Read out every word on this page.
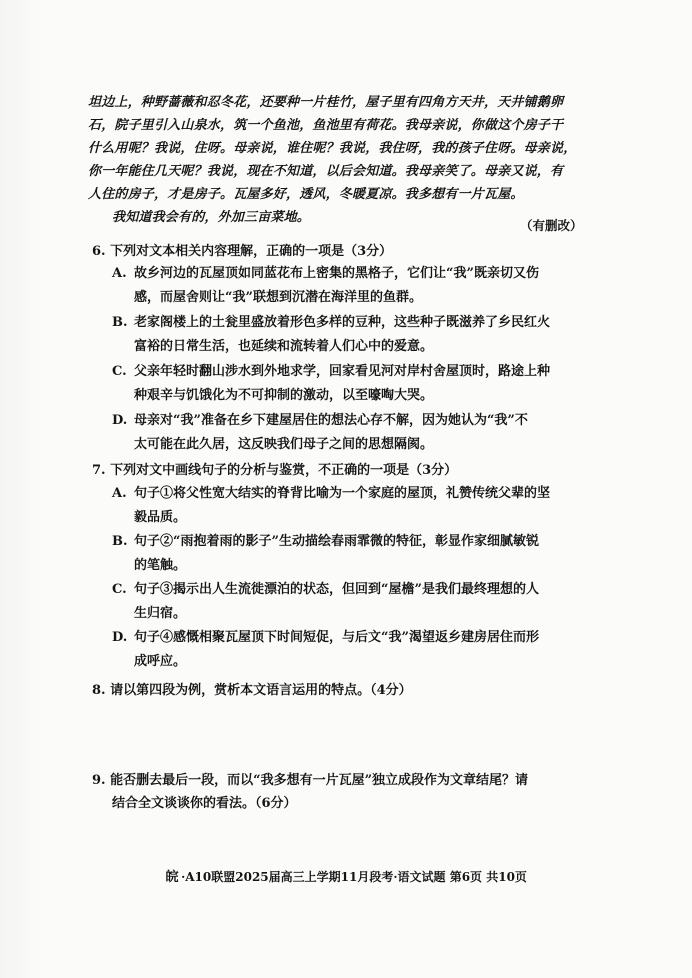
坦边上，种野蔷薇和忍冬花，还要种一片桂竹，屋子里有四角方天井，天井铺鹅卵
石，院子里引入山泉水，筑一个鱼池，鱼池里有荷花。我母亲说，你做这个房子干
什么用呢？我说，住呀。母亲说，谁住呢？我说，我住呀，我的孩子住呀。母亲说，
你一年能住几天呢？我说，现在不知道，以后会知道。我母亲笑了。母亲又说，有
人住的房子，才是房子。瓦屋多好，透风，冬暖夏凉。我多想有一片瓦屋。
我知道我会有的，外加三亩菜地。
（有删改）
6. 下列对文本相关内容理解，正确的一项是（3分）
A. 故乡河边的瓦屋顶如同蓝花布上密集的黑格子，它们让“我”既亲切又伤
感，而屋舍则让“我”联想到沉潜在海洋里的鱼群。
B. 老家阁楼上的土瓮里盛放着形色多样的豆种，这些种子既滋养了乡民红火
富裕的日常生活，也延续和流转着人们心中的爱意。
C. 父亲年轻时翻山涉水到外地求学，回家看见河对岸村舍屋顶时，路途上种
种艰辛与饥饿化为不可抑制的激动，以至嚎啕大哭。
D. 母亲对“我”准备在乡下建屋居住的想法心存不解，因为她认为“我”不
太可能在此久居，这反映我们母子之间的思想隔阂。
7. 下列对文中画线句子的分析与鉴赏，不正确的一项是（3分）
A. 句子①将父性宽大结实的脊背比喻为一个家庭的屋顶，礼赞传统父辈的坚
毅品质。
B. 句子②“雨抱着雨的影子”生动描绘春雨霏微的特征，彰显作家细腻敏锐
的笔触。
C. 句子③揭示出人生流徙漂泊的状态，但回到“屋檐”是我们最终理想的人
生归宿。
D. 句子④感慨相聚瓦屋顶下时间短促，与后文“我”渴望返乡建房居住而形
成呼应。
8. 请以第四段为例，赏析本文语言运用的特点。（4分）
9. 能否删去最后一段，而以“我多想有一片瓦屋”独立成段作为文章结尾？请
结合全文谈谈你的看法。（6分）
皖 ·A10联盟2025届高三上学期11月段考·语文试题 第6页 共10页
